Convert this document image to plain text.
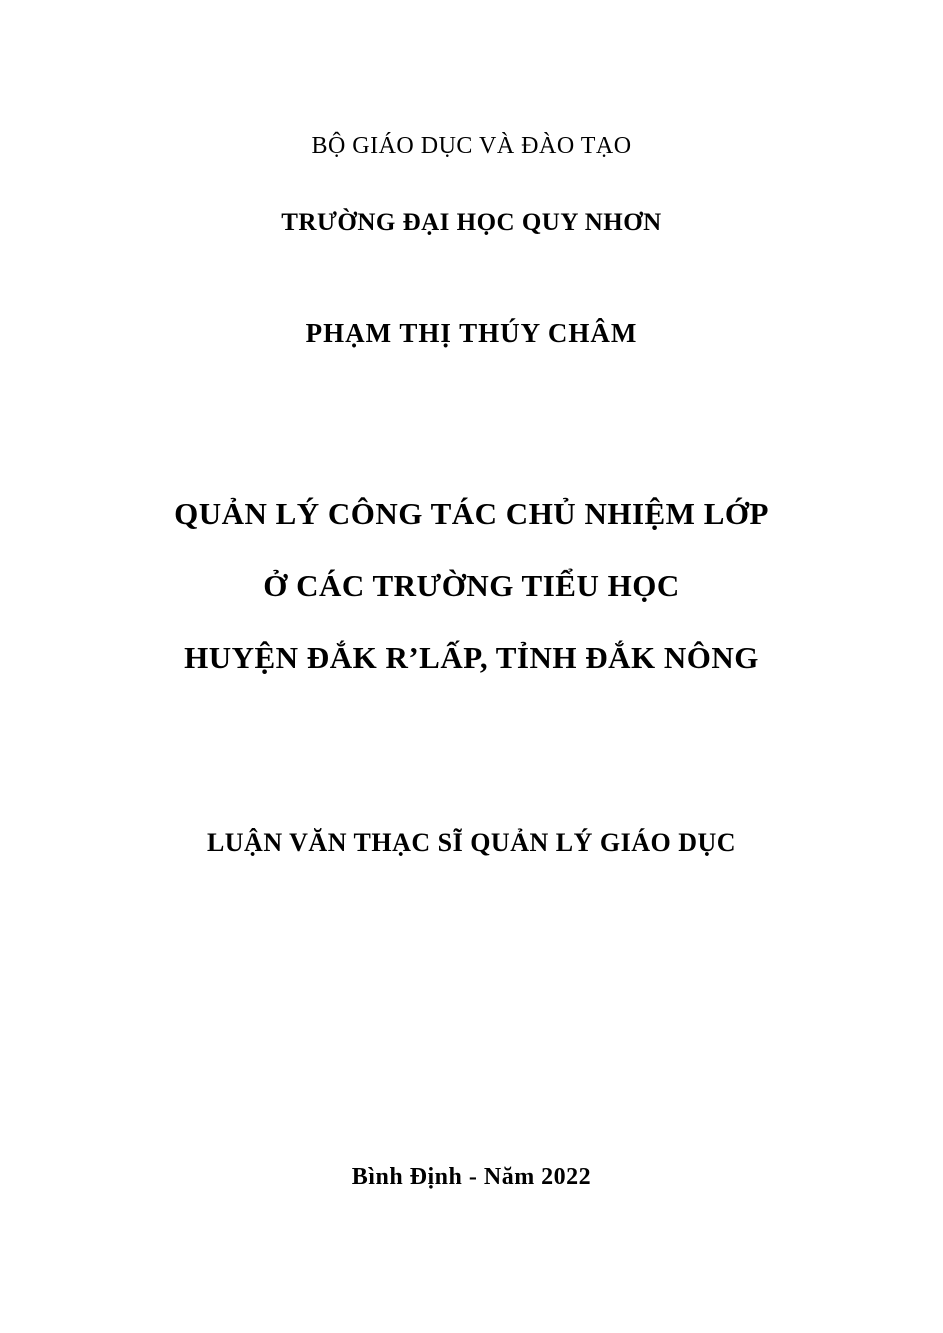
BỘ GIÁO DỤC VÀ ĐÀO TẠO
TRƯỜNG ĐẠI HỌC QUY NHƠN
PHẠM THỊ THÚY CHÂM
QUẢN LÝ CÔNG TÁC CHỦ NHIỆM LỚP
Ở CÁC TRƯỜNG TIỂU HỌC
HUYỆN ĐẮK R’LẤP, TỈNH ĐẮK NÔNG
LUẬN VĂN THẠC SĨ QUẢN LÝ GIÁO DỤC
Bình Định - Năm 2022
